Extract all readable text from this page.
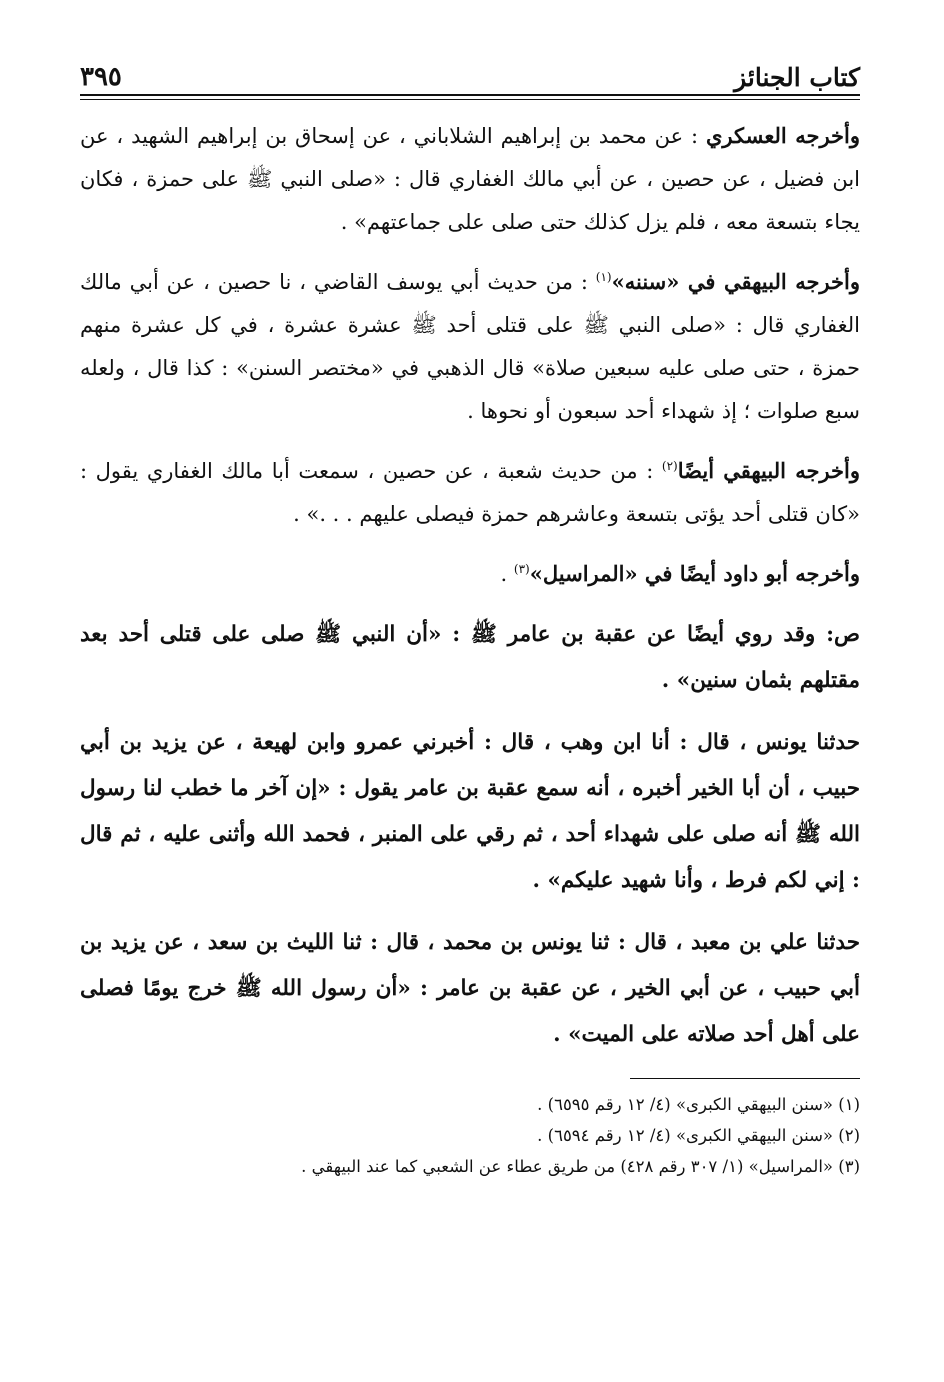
كتاب الجنائز
٣٩٥

وأخرجه العسكري : عن محمد بن إبراهيم الشلاباني ، عن إسحاق بن إبراهيم الشهيد ، عن ابن فضيل ، عن حصين ، عن أبي مالك الغفاري قال : «صلى النبي ﷺ على حمزة ، فكان يجاء بتسعة معه ، فلم يزل كذلك حتى صلى على جماعتهم» .

وأخرجه البيهقي في «سننه»$^{(١)}$ : من حديث أبي يوسف القاضي ، نا حصين ، عن أبي مالك الغفاري قال : «صلى النبي ﷺ على قتلى أحد ﷺ عشرة عشرة ، في كل عشرة منهم حمزة ، حتى صلى عليه سبعين صلاة» قال الذهبي في «مختصر السنن» : كذا قال ، ولعله سبع صلوات ؛ إذ شهداء أحد سبعون أو نحوها .

وأخرجه البيهقي أيضًا$^{(٢)}$ : من حديث شعبة ، عن حصين ، سمعت أبا مالك الغفاري يقول : «كان قتلى أحد يؤتى بتسعة وعاشرهم حمزة فيصلى عليهم . . .» .

وأخرجه أبو داود أيضًا في «المراسيل»$^{(٣)}$ .

ص: وقد روي أيضًا عن عقبة بن عامر ﷺ : «أن النبي ﷺ صلى على قتلى أحد بعد مقتلهم بثمان سنين» .

حدثنا يونس ، قال : أنا ابن وهب ، قال : أخبرني عمرو وابن لهيعة ، عن يزيد بن أبي حبيب ، أن أبا الخير أخبره ، أنه سمع عقبة بن عامر يقول : «إن آخر ما خطب لنا رسول الله ﷺ أنه صلى على شهداء أحد ، ثم رقي على المنبر ، فحمد الله وأثنى عليه ، ثم قال : إني لكم فرط ، وأنا شهيد عليكم» .

حدثنا علي بن معبد ، قال : ثنا يونس بن محمد ، قال : ثنا الليث بن سعد ، عن يزيد بن أبي حبيب ، عن أبي الخير ، عن عقبة بن عامر : «أن رسول الله ﷺ خرج يومًا فصلى على أهل أحد صلاته على الميت» .

(١) «سنن البيهقي الكبرى» (٤/ ١٢ رقم ٦٥٩٥) .

(٢) «سنن البيهقي الكبرى» (٤/ ١٢ رقم ٦٥٩٤) .

(٣) «المراسيل» (١/ ٣٠٧ رقم ٤٢٨) من طريق عطاء عن الشعبي كما عند البيهقي .
